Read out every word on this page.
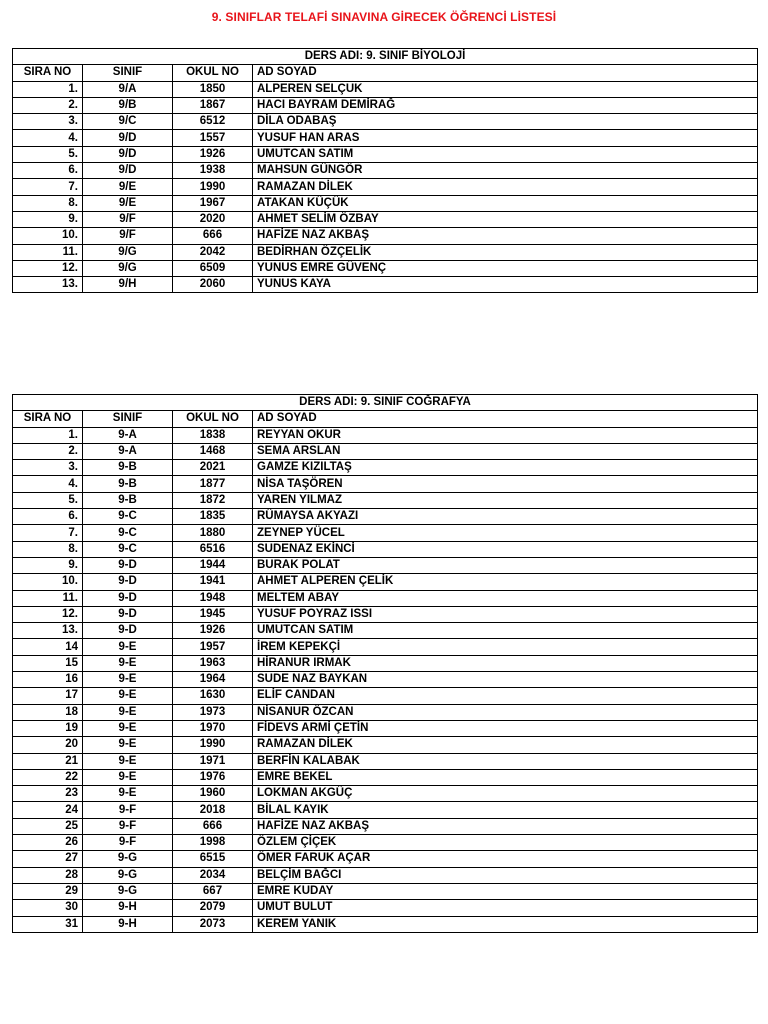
9. SINIFLAR TELAFİ SINAVINA GİRECEK ÖĞRENCİ LİSTESİ
DERS ADI: 9. SINIF BİYOLOJİ			
SIRA NO	SINIF	OKUL NO	AD SOYAD
1.	9/A	1850	ALPEREN SELÇUK
2.	9/B	1867	HACI BAYRAM DEMİRAĞ
3.	9/C	6512	DİLA ODABAŞ
4.	9/D	1557	YUSUF HAN ARAS
5.	9/D	1926	UMUTCAN SATIM
6.	9/D	1938	MAHSUN GÜNGÖR
7.	9/E	1990	RAMAZAN DİLEK
8.	9/E	1967	ATAKAN KÜÇÜK
9.	9/F	2020	AHMET SELİM ÖZBAY
10.	9/F	666	HAFİZE NAZ AKBAŞ
11.	9/G	2042	BEDİRHAN ÖZÇELİK
12.	9/G	6509	YUNUS EMRE GÜVENÇ
13.	9/H	2060	YUNUS KAYA
DERS ADI: 9. SINIF COĞRAFYA			
SIRA NO	SINIF	OKUL NO	AD SOYAD
1.	9-A	1838	REYYAN OKUR
2.	9-A	1468	SEMA ARSLAN
3.	9-B	2021	GAMZE KIZILTAŞ
4.	9-B	1877	NİSA TAŞÖREN
5.	9-B	1872	YAREN YILMAZ
6.	9-C	1835	RÜMAYSA AKYAZI
7.	9-C	1880	ZEYNEP YÜCEL
8.	9-C	6516	SUDENAZ EKİNCİ
9.	9-D	1944	BURAK POLAT
10.	9-D	1941	AHMET ALPEREN ÇELİK
11.	9-D	1948	MELTEM ABAY
12.	9-D	1945	YUSUF POYRAZ ISSI
13.	9-D	1926	UMUTCAN SATIM
14	9-E	1957	İREM KEPEKÇİ
15	9-E	1963	HİRANUR IRMAK
16	9-E	1964	SUDE NAZ BAYKAN
17	9-E	1630	ELİF CANDAN
18	9-E	1973	NİSANUR ÖZCAN
19	9-E	1970	FİDEVS ARMİ ÇETİN
20	9-E	1990	RAMAZAN DİLEK
21	9-E	1971	BERFİN KALABAK
22	9-E	1976	EMRE BEKEL
23	9-E	1960	LOKMAN AKGÜÇ
24	9-F	2018	BİLAL KAYIK
25	9-F	666	HAFİZE NAZ AKBAŞ
26	9-F	1998	ÖZLEM ÇİÇEK
27	9-G	6515	ÖMER FARUK AÇAR
28	9-G	2034	BELÇİM BAĞCI
29	9-G	667	EMRE KUDAY
30	9-H	2079	UMUT BULUT
31	9-H	2073	KEREM YANIK
